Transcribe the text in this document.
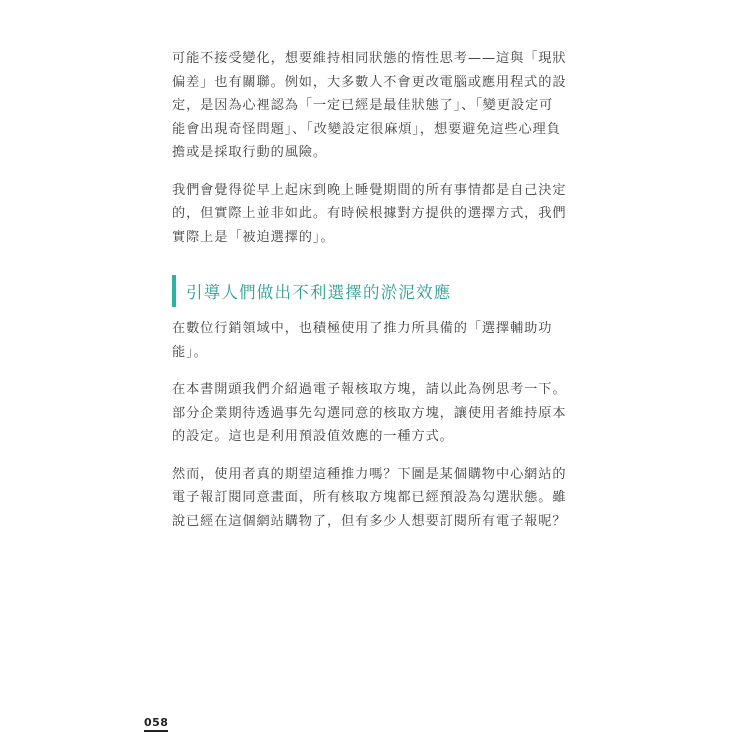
可能不接受變化，想要維持相同狀態的惰性思考——這與「現狀
偏差」也有關聯。例如，大多數人不會更改電腦或應用程式的設
定，是因為心裡認為「一定已經是最佳狀態了」、「變更設定可
能會出現奇怪問題」、「改變設定很麻煩」，想要避免這些心理負
擔或是採取行動的風險。

我們會覺得從早上起床到晚上睡覺期間的所有事情都是自己決定
的，但實際上並非如此。有時候根據對方提供的選擇方式，我們
實際上是「被迫選擇的」。

引導人們做出不利選擇的淤泥效應

在數位行銷領域中，也積極使用了推力所具備的「選擇輔助功
能」。

在本書開頭我們介紹過電子報核取方塊，請以此為例思考一下。
部分企業期待透過事先勾選同意的核取方塊，讓使用者維持原本
的設定。這也是利用預設值效應的一種方式。

然而，使用者真的期望這種推力嗎？下圖是某個購物中心網站的
電子報訂閱同意畫面，所有核取方塊都已經預設為勾選狀態。雖
說已經在這個網站購物了，但有多少人想要訂閱所有電子報呢？

058
